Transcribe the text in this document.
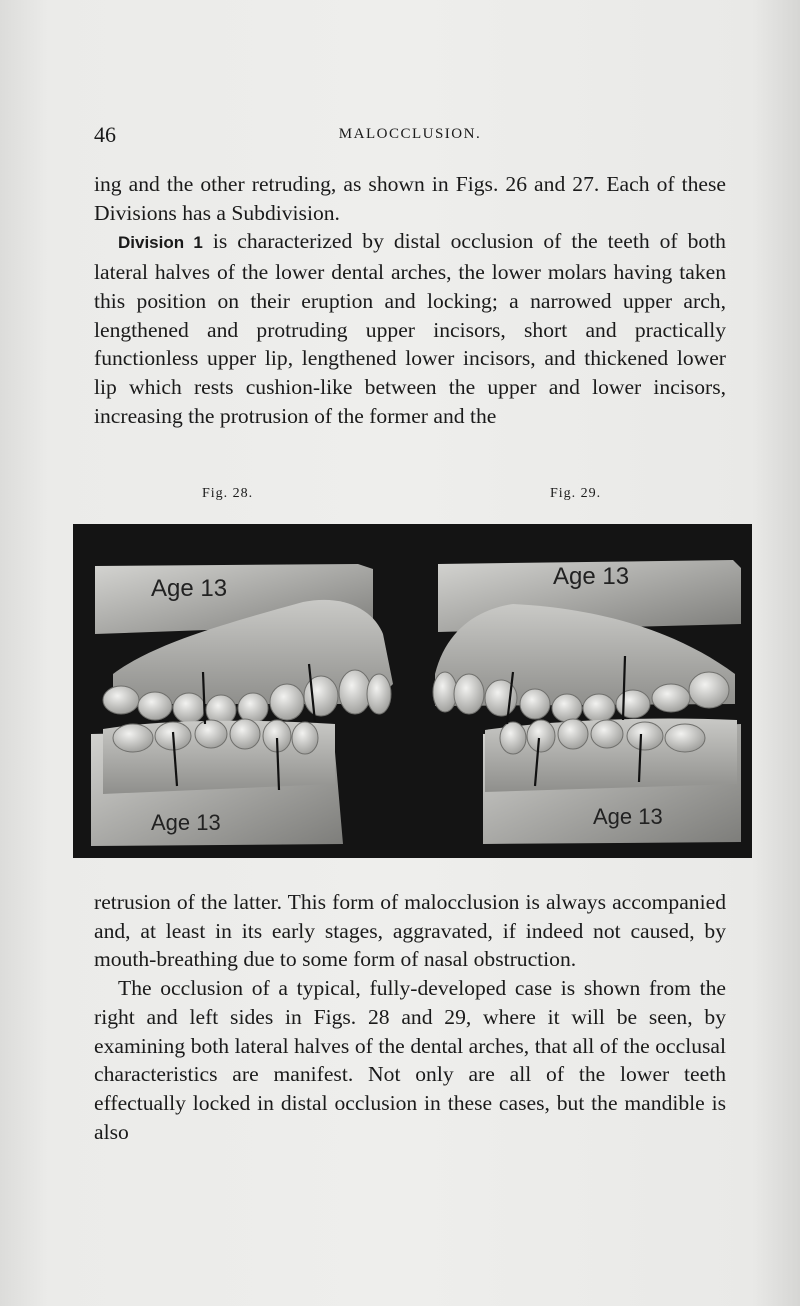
46	MALOCCLUSION.

ing and the other retruding, as shown in Figs. 26 and 27. Each of these Divisions has a Subdivision.

Division 1 is characterized by distal occlusion of the teeth of both lateral halves of the lower dental arches, the lower molars having taken this position on their eruption and locking; a narrowed upper arch, lengthened and protruding upper incisors, short and practically functionless upper lip, lengthened lower incisors, and thickened lower lip which rests cushion-like between the upper and lower incisors, increasing the protrusion of the former and the

Fig. 28.	Fig. 29.
Age 13
Age 13
Age 13
Age 13

retrusion of the latter. This form of malocclusion is always accompanied and, at least in its early stages, aggravated, if indeed not caused, by mouth-breathing due to some form of nasal obstruction.

The occlusion of a typical, fully-developed case is shown from the right and left sides in Figs. 28 and 29, where it will be seen, by examining both lateral halves of the dental arches, that all of the occlusal characteristics are manifest. Not only are all of the lower teeth effectually locked in distal occlusion in these cases, but the mandible is also
